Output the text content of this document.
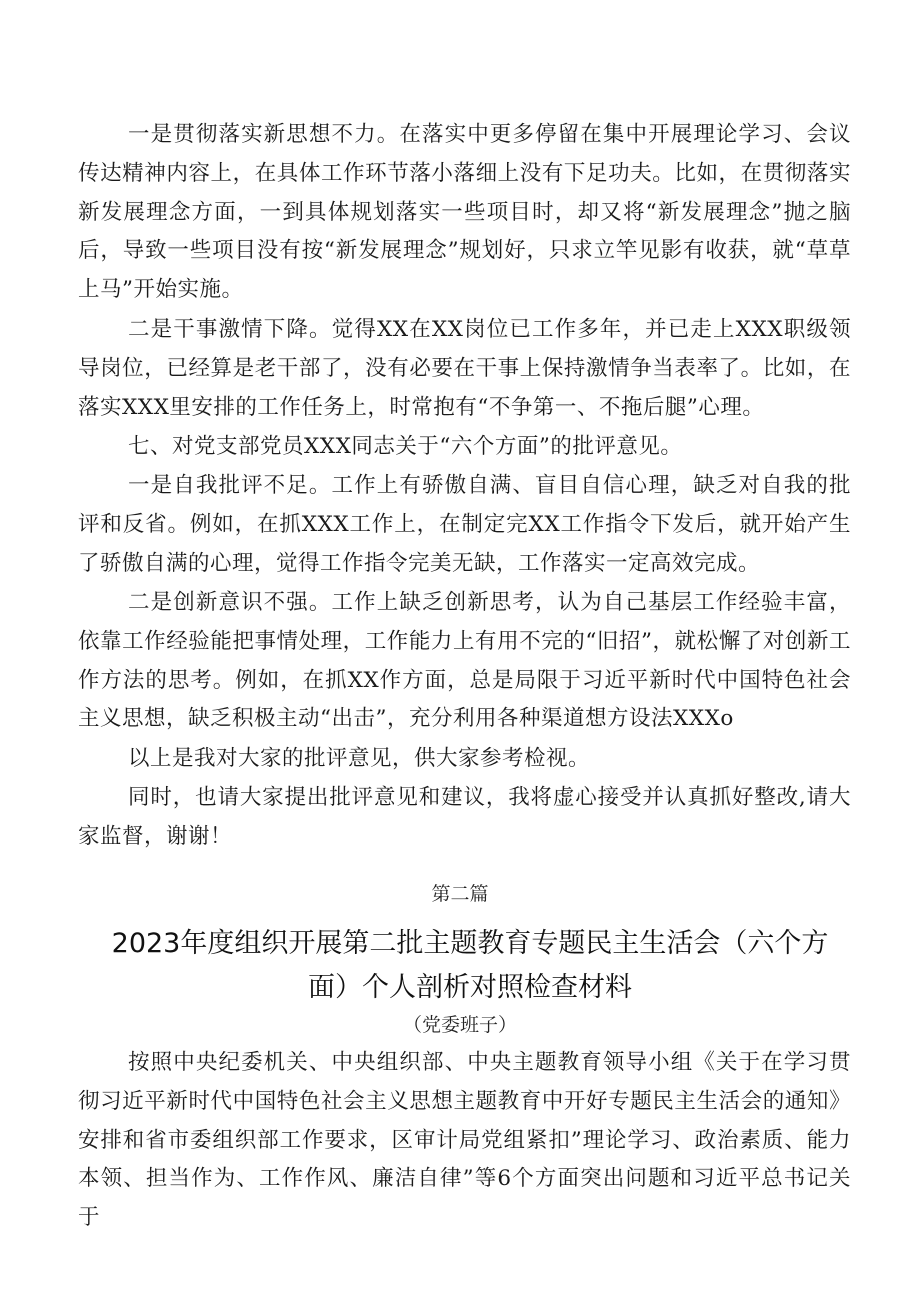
一是贯彻落实新思想不力。在落实中更多停留在集中开展理论学习、会议传达精神内容上，在具体工作环节落小落细上没有下足功夫。比如，在贯彻落实新发展理念方面，一到具体规划落实一些项目时，却又将“新发展理念”抛之脑后，导致一些项目没有按“新发展理念”规划好，只求立竿见影有收获，就“草草上马”开始实施。

二是干事激情下降。觉得XX在XX岗位已工作多年，并已走上XXX职级领导岗位，已经算是老干部了，没有必要在干事上保持激情争当表率了。比如，在落实XXX里安排的工作任务上，时常抱有“不争第一、不拖后腿”心理。

七、对党支部党员XXX同志关于“六个方面”的批评意见。

一是自我批评不足。工作上有骄傲自满、盲目自信心理，缺乏对自我的批评和反省。例如，在抓XXX工作上，在制定完XX工作指令下发后，就开始产生了骄傲自满的心理，觉得工作指令完美无缺，工作落实一定高效完成。

二是创新意识不强。工作上缺乏创新思考，认为自己基层工作经验丰富，依靠工作经验能把事情处理，工作能力上有用不完的“旧招”，就松懈了对创新工作方法的思考。例如，在抓XX作方面，总是局限于习近平新时代中国特色社会主义思想，缺乏积极主动“出击”，充分利用各种渠道想方设法XXXo

以上是我对大家的批评意见，供大家参考检视。

同时，也请大家提出批评意见和建议，我将虚心接受并认真抓好整改,请大家监督，谢谢！

第二篇
2023年度组织开展第二批主题教育专题民主生活会（六个方面）个人剖析对照检查材料
（党委班子）

按照中央纪委机关、中央组织部、中央主题教育领导小组《关于在学习贯彻习近平新时代中国特色社会主义思想主题教育中开好专题民主生活会的通知》安排和省市委组织部工作要求，区审计局党组紧扣”理论学习、政治素质、能力本领、担当作为、工作作风、廉洁自律”等6个方面突出问题和习近平总书记关于
